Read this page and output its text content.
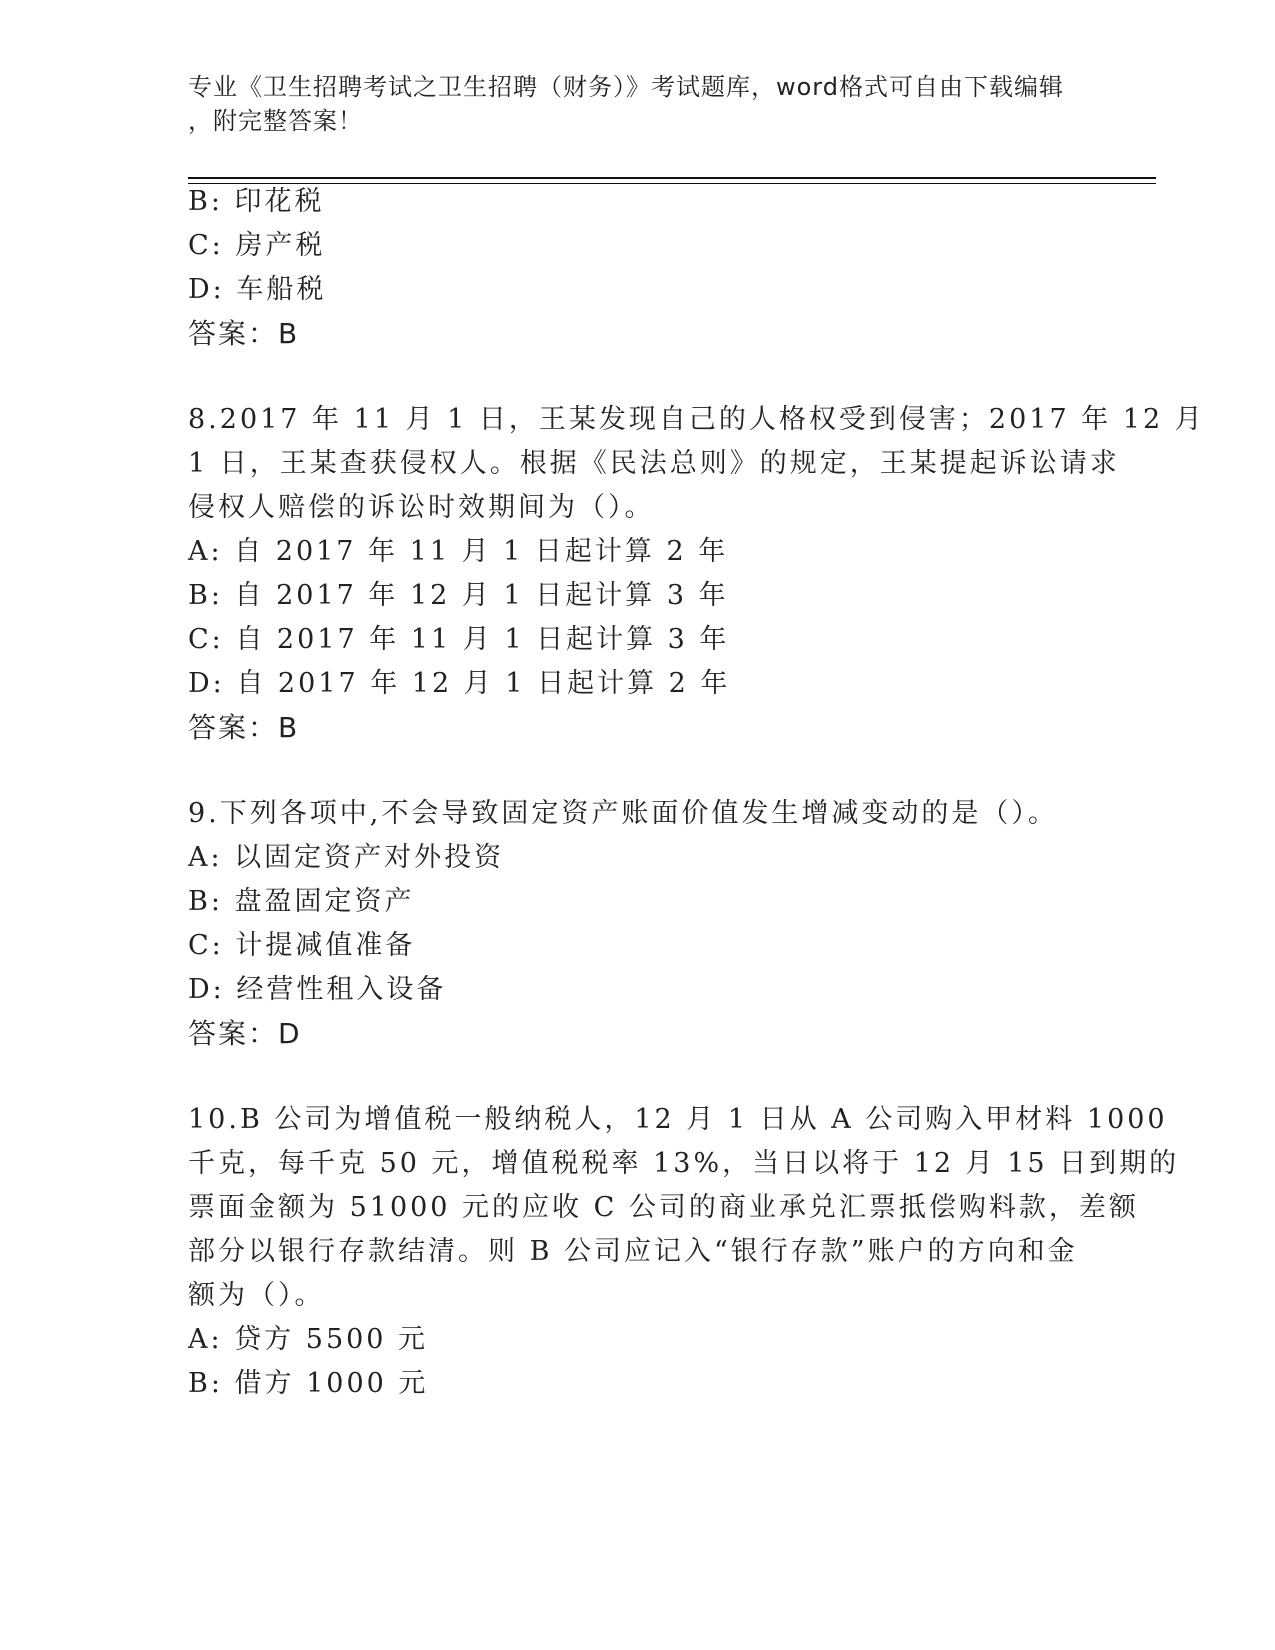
专业《卫生招聘考试之卫生招聘（财务）》考试题库，word格式可自由下载编辑
，附完整答案！
B: 印花税
C: 房产税
D: 车船税
答案：B
8.2017 年 11 月 1 日，王某发现自己的人格权受到侵害；2017 年 12 月
1 日，王某查获侵权人。根据《民法总则》的规定，王某提起诉讼请求
侵权人赔偿的诉讼时效期间为（）。
A: 自 2017 年 11 月 1 日起计算 2 年
B: 自 2017 年 12 月 1 日起计算 3 年
C: 自 2017 年 11 月 1 日起计算 3 年
D: 自 2017 年 12 月 1 日起计算 2 年
答案：B
9.下列各项中,不会导致固定资产账面价值发生增减变动的是（）。
A: 以固定资产对外投资
B: 盘盈固定资产
C: 计提减值准备
D: 经营性租入设备
答案：D
10.B 公司为增值税一般纳税人，12 月 1 日从 A 公司购入甲材料 1000
千克，每千克 50 元，增值税税率 13%，当日以将于 12 月 15 日到期的
票面金额为 51000 元的应收 C 公司的商业承兑汇票抵偿购料款，差额
部分以银行存款结清。则 B 公司应记入“银行存款”账户的方向和金
额为（）。
A: 贷方 5500 元
B: 借方 1000 元
